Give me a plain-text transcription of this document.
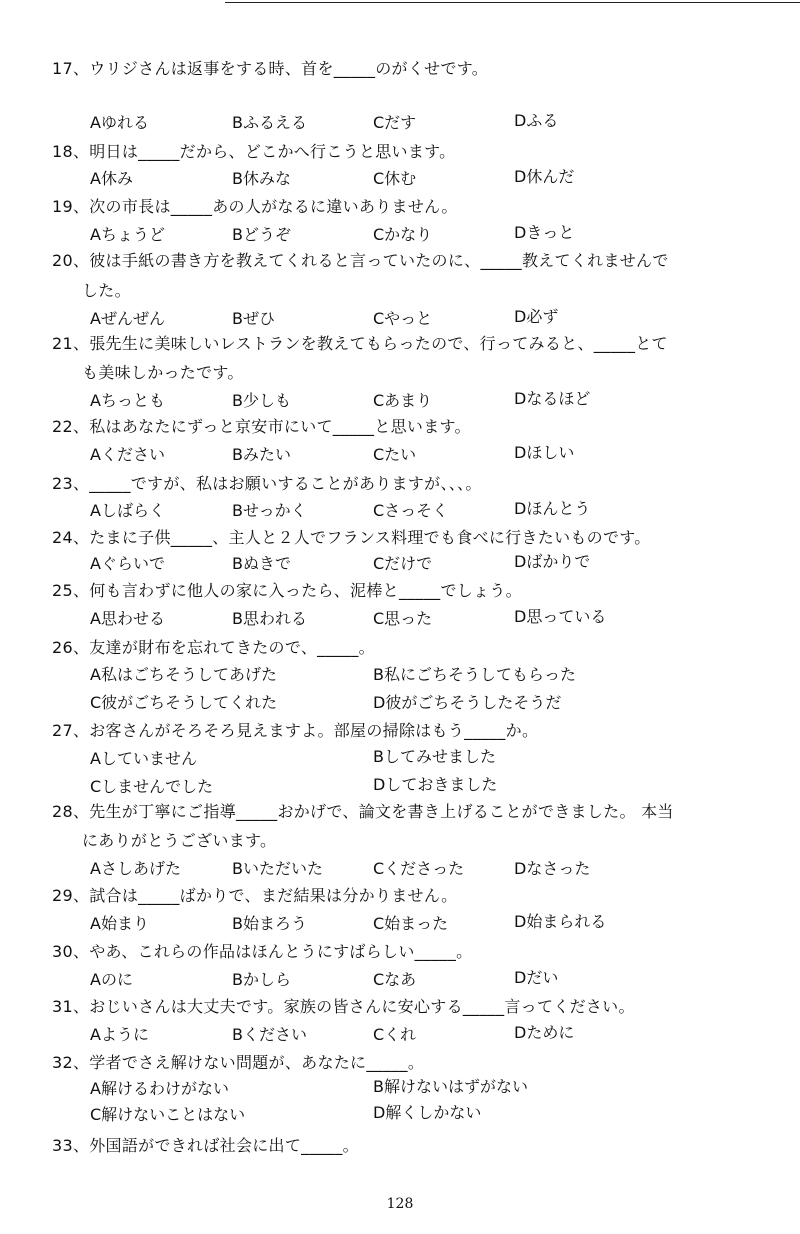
17、ウリジさんは返事をする時、首を_____のがくせです。
Aゆれる	Bふるえる	Cだす	Dふる
18、明日は_____だから、どこかへ行こうと思います。
A休み	B休みな	C休む	D休んだ
19、次の市長は_____あの人がなるに違いありません。
Aちょうど	Bどうぞ	Cかなり	Dきっと
20、彼は手紙の書き方を教えてくれると言っていたのに、_____教えてくれませんで
した。
Aぜんぜん	Bぜひ	Cやっと	D必ず
21、張先生に美味しいレストランを教えてもらったので、行ってみると、_____とて
も美味しかったです。
Aちっとも	B少しも	Cあまり	Dなるほど
22、私はあなたにずっと京安市にいて_____と思います。
Aください	Bみたい	Cたい	Dほしい
23、_____ですが、私はお願いすることがありますが、、、。
Aしばらく	Bせっかく	Cさっそく	Dほんとう
24、たまに子供_____、主人と２人でフランス料理でも食べに行きたいものです。
Aぐらいで	Bぬきで	Cだけで	Dばかりで
25、何も言わずに他人の家に入ったら、泥棒と_____でしょう。
A思わせる	B思われる	C思った	D思っている
26、友達が財布を忘れてきたので、_____。
A私はごちそうしてあげた	B私にごちそうしてもらった
C彼がごちそうしてくれた	D彼がごちそうしたそうだ
27、お客さんがそろそろ見えますよ。部屋の掃除はもう_____か。
Aしていません	Bしてみせました
Cしませんでした	Dしておきました
28、先生が丁寧にご指導_____おかげで、論文を書き上げることができました。 本当
にありがとうございます。
Aさしあげた	Bいただいた	Cくださった	Dなさった
29、試合は_____ばかりで、まだ結果は分かりません。
A始まり	B始まろう	C始まった	D始まられる
30、やあ、これらの作品はほんとうにすばらしい_____。
Aのに	Bかしら	Cなあ	Dだい
31、おじいさんは大丈夫です。家族の皆さんに安心する_____言ってください。
Aように	Bください	Cくれ	Dために
32、学者でさえ解けない問題が、あなたに_____。
A解けるわけがない	B解けないはずがない
C解けないことはない	D解くしかない
33、外国語ができれば社会に出て_____。
128
